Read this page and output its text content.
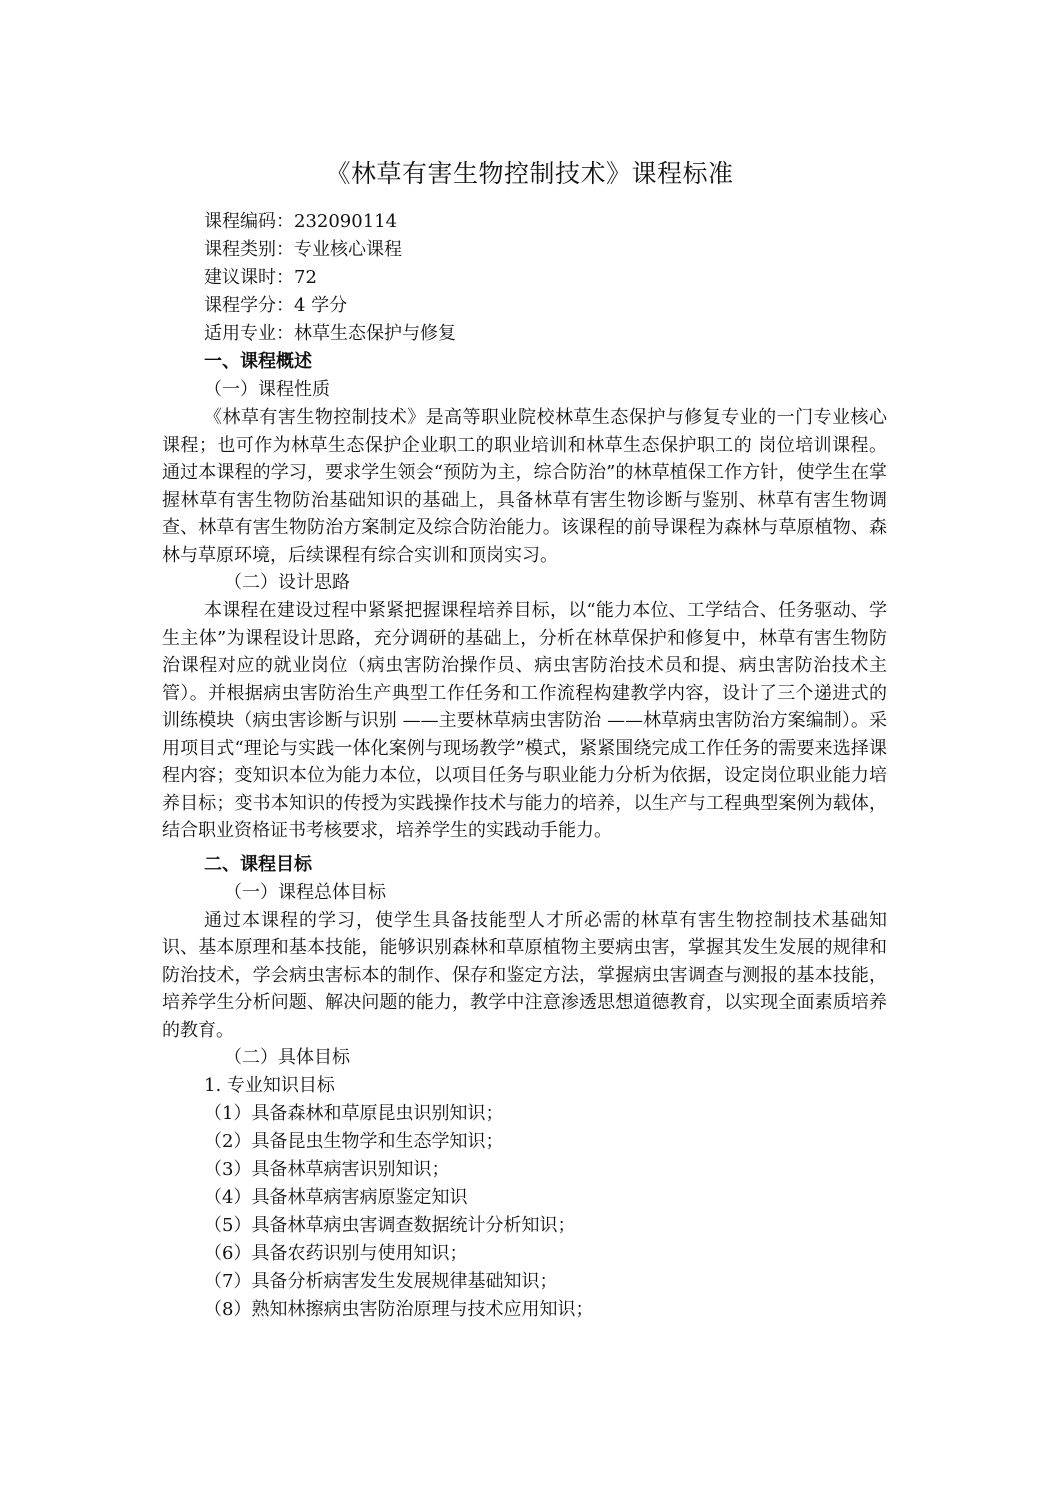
《林草有害生物控制技术》课程标准

课程编码：232090114

课程类别：专业核心课程

建议课时：72

课程学分：4 学分

适用专业：林草生态保护与修复

一、课程概述

（一）课程性质

《林草有害生物控制技术》是高等职业院校林草生态保护与修复专业的一门专业核心课程；也可作为林草生态保护企业职工的职业培训和林草生态保护职工的 岗位培训课程。通过本课程的学习，要求学生领会“预防为主，综合防治”的林草植保工作方针，使学生在掌握林草有害生物防治基础知识的基础上，具备林草有害生物诊断与鉴别、林草有害生物调查、林草有害生物防治方案制定及综合防治能力。该课程的前导课程为森林与草原植物、森林与草原环境，后续课程有综合实训和顶岗实习。

（二）设计思路

本课程在建设过程中紧紧把握课程培养目标，以“能力本位、工学结合、任务驱动、学生主体”为课程设计思路，充分调研的基础上，分析在林草保护和修复中，林草有害生物防治课程对应的就业岗位（病虫害防治操作员、病虫害防治技术员和提、病虫害防治技术主管）。并根据病虫害防治生产典型工作任务和工作流程构建教学内容，设计了三个递进式的训练模块（病虫害诊断与识别 ——主要林草病虫害防治 ——林草病虫害防治方案编制）。采用项目式“理论与实践一体化案例与现场教学”模式，紧紧围绕完成工作任务的需要来选择课程内容；变知识本位为能力本位，以项目任务与职业能力分析为依据，设定岗位职业能力培养目标；变书本知识的传授为实践操作技术与能力的培养，以生产与工程典型案例为载体，结合职业资格证书考核要求，培养学生的实践动手能力。

二、课程目标

（一）课程总体目标

通过本课程的学习，使学生具备技能型人才所必需的林草有害生物控制技术基础知识、基本原理和基本技能，能够识别森林和草原植物主要病虫害，掌握其发生发展的规律和防治技术，学会病虫害标本的制作、保存和鉴定方法，掌握病虫害调查与测报的基本技能，培养学生分析问题、解决问题的能力，教学中注意渗透思想道德教育，以实现全面素质培养的教育。

（二）具体目标

1. 专业知识目标

（1）具备森林和草原昆虫识别知识；

（2）具备昆虫生物学和生态学知识；

（3）具备林草病害识别知识；

（4）具备林草病害病原鉴定知识

（5）具备林草病虫害调查数据统计分析知识；

（6）具备农药识别与使用知识；

（7）具备分析病害发生发展规律基础知识；

（8）熟知林擦病虫害防治原理与技术应用知识；
